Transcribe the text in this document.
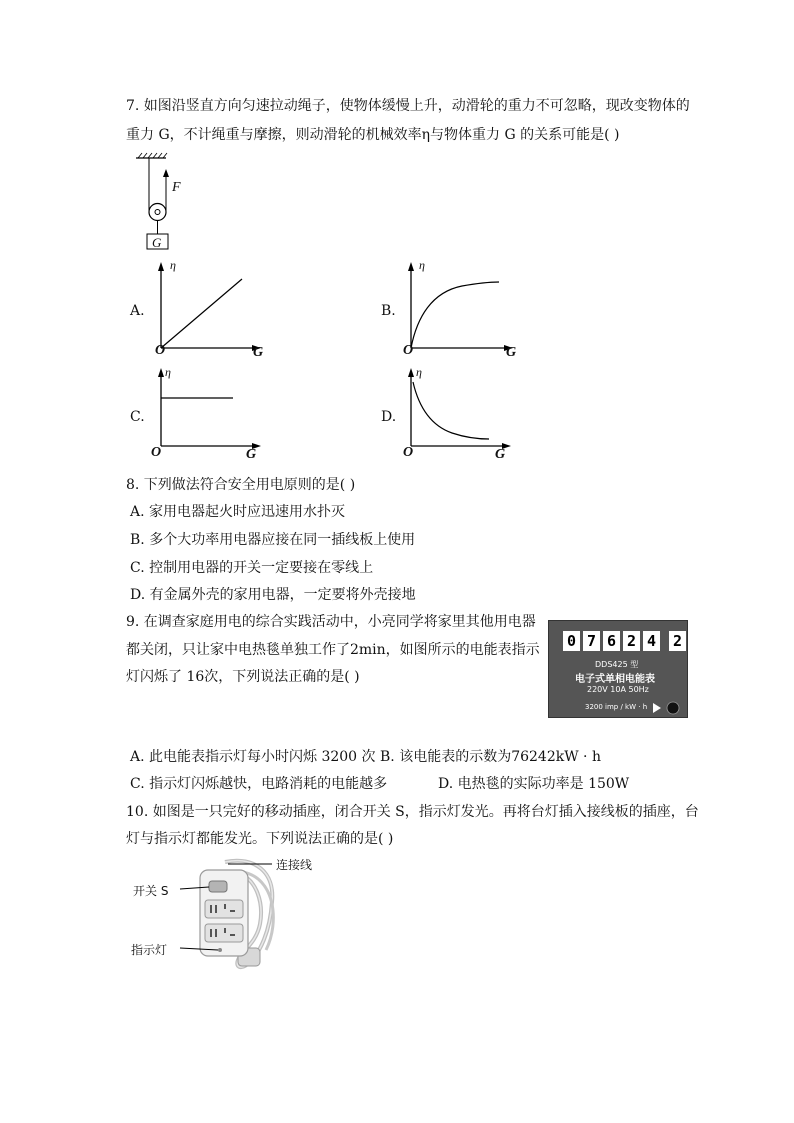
7. 如图沿竖直方向匀速拉动绳子，使物体缓慢上升，动滑轮的重力不可忽略，现改变物体的
重力 G，不计绳重与摩擦，则动滑轮的机械效率η与物体重力 G 的关系可能是( )
F
G
A.
η
O	G
B.
η
O	G
C.
η
O	G
D.
η
O	G
8. 下列做法符合安全用电原则的是( )
A. 家用电器起火时应迅速用水扑灭
B. 多个大功率用电器应接在同一插线板上使用
C. 控制用电器的开关一定要接在零线上
D. 有金属外壳的家用电器，一定要将外壳接地
9. 在调查家庭用电的综合实践活动中，小亮同学将家里其他用电器
都关闭，只让家中电热毯单独工作了2min，如图所示的电能表指示
灯闪烁了 16次，下列说法正确的是( )
0 7 6 2 4 2
DDS425 型
电子式单相电能表
220V 10A 50Hz
3200 imp / kW · h
A. 此电能表指示灯每小时闪烁 3200 次 B. 该电能表的示数为76242kW · h
C. 指示灯闪烁越快，电路消耗的电能越多	D. 电热毯的实际功率是 150W
10. 如图是一只完好的移动插座，闭合开关 S，指示灯发光。再将台灯插入接线板的插座，台
灯与指示灯都能发光。下列说法正确的是( )
连接线
开关 S
指示灯
